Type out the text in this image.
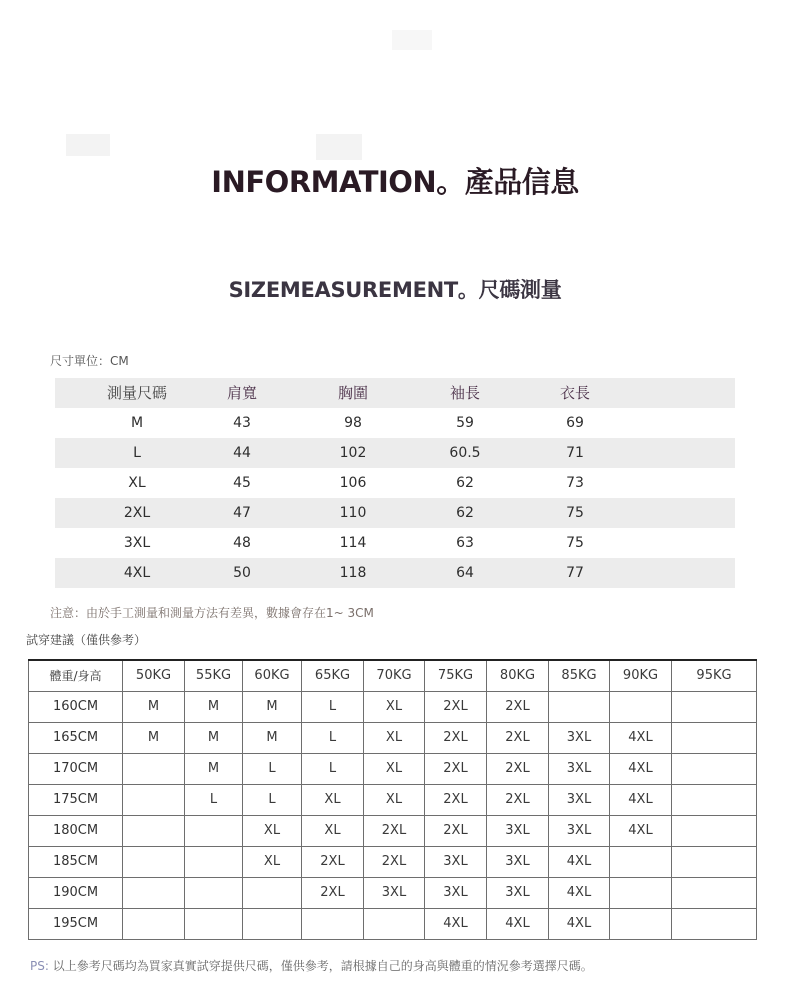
INFORMATION。產品信息
SIZEMEASUREMENT。尺碼測量
尺寸單位：CM
測量尺碼	肩寬	胸圍	袖長	衣長
M	43	98	59	69
L	44	102	60.5	71
XL	45	106	62	73
2XL	47	110	62	75
3XL	48	114	63	75
4XL	50	118	64	77
注意：由於手工測量和測量方法有差異，數據會存在1~ 3CM
試穿建議（僅供參考）
體重/身高	50KG	55KG	60KG	65KG	70KG	75KG	80KG	85KG	90KG	95KG
160CM	M	M	M	L	XL	2XL	2XL			
165CM	M	M	M	L	XL	2XL	2XL	3XL	4XL	
170CM		M	L	L	XL	2XL	2XL	3XL	4XL	
175CM		L	L	XL	XL	2XL	2XL	3XL	4XL	
180CM			XL	XL	2XL	2XL	3XL	3XL	4XL	
185CM			XL	2XL	2XL	3XL	3XL	4XL		
190CM				2XL	3XL	3XL	3XL	4XL		
195CM						4XL	4XL	4XL		
PS: 以上參考尺碼均為買家真實試穿提供尺碼，僅供參考，請根據自己的身高與體重的情況參考選擇尺碼。
